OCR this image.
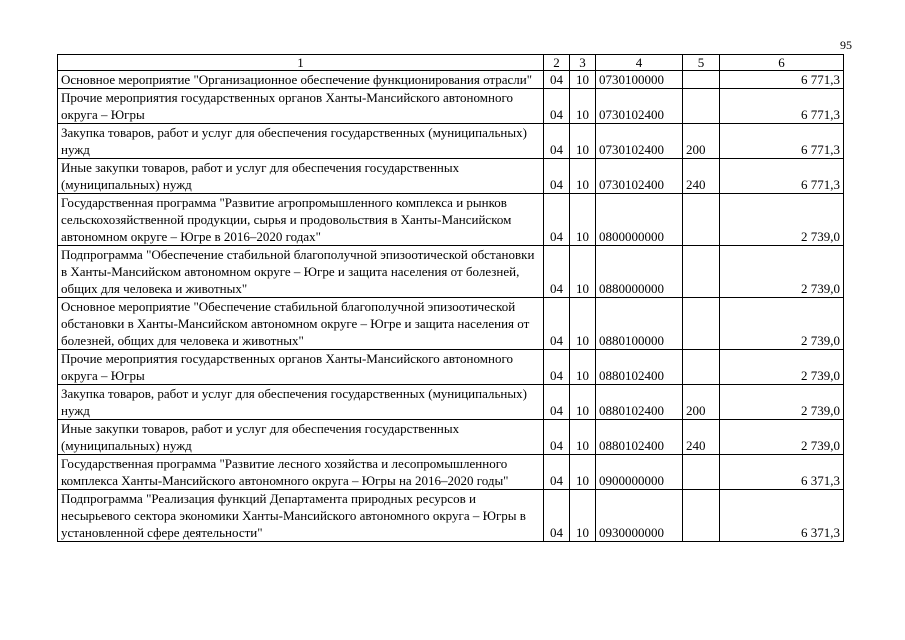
95
1	2	3	4	5	6
Основное мероприятие "Организационное обеспечение функционирования отрасли"	04	10	0730100000		6 771,3
Прочие мероприятия государственных органов Ханты-Мансийского автономного округа – Югры	04	10	0730102400		6 771,3
Закупка товаров, работ и услуг для обеспечения государственных (муниципальных) нужд	04	10	0730102400	200	6 771,3
Иные закупки товаров, работ и услуг для обеспечения государственных (муниципальных) нужд	04	10	0730102400	240	6 771,3
Государственная программа "Развитие агропромышленного комплекса и рынков сельскохозяйственной продукции, сырья и продовольствия в Ханты-Мансийском автономном округе – Югре в 2016–2020 годах"	04	10	0800000000		2 739,0
Подпрограмма "Обеспечение стабильной благополучной эпизоотической обстановки в Ханты-Мансийском автономном округе – Югре и защита населения от болезней, общих для человека и животных"	04	10	0880000000		2 739,0
Основное мероприятие "Обеспечение стабильной благополучной эпизоотической обстановки в Ханты-Мансийском автономном округе – Югре и защита населения от болезней, общих для человека и животных"	04	10	0880100000		2 739,0
Прочие мероприятия государственных органов Ханты-Мансийского автономного округа – Югры	04	10	0880102400		2 739,0
Закупка товаров, работ и услуг для обеспечения государственных (муниципальных) нужд	04	10	0880102400	200	2 739,0
Иные закупки товаров, работ и услуг для обеспечения государственных (муниципальных) нужд	04	10	0880102400	240	2 739,0
Государственная программа "Развитие лесного хозяйства и лесопромышленного комплекса Ханты-Мансийского автономного округа – Югры на 2016–2020 годы"	04	10	0900000000		6 371,3
Подпрограмма "Реализация функций Департамента природных ресурсов и несырьевого сектора экономики Ханты-Мансийского автономного округа – Югры в установленной сфере деятельности"	04	10	0930000000		6 371,3
